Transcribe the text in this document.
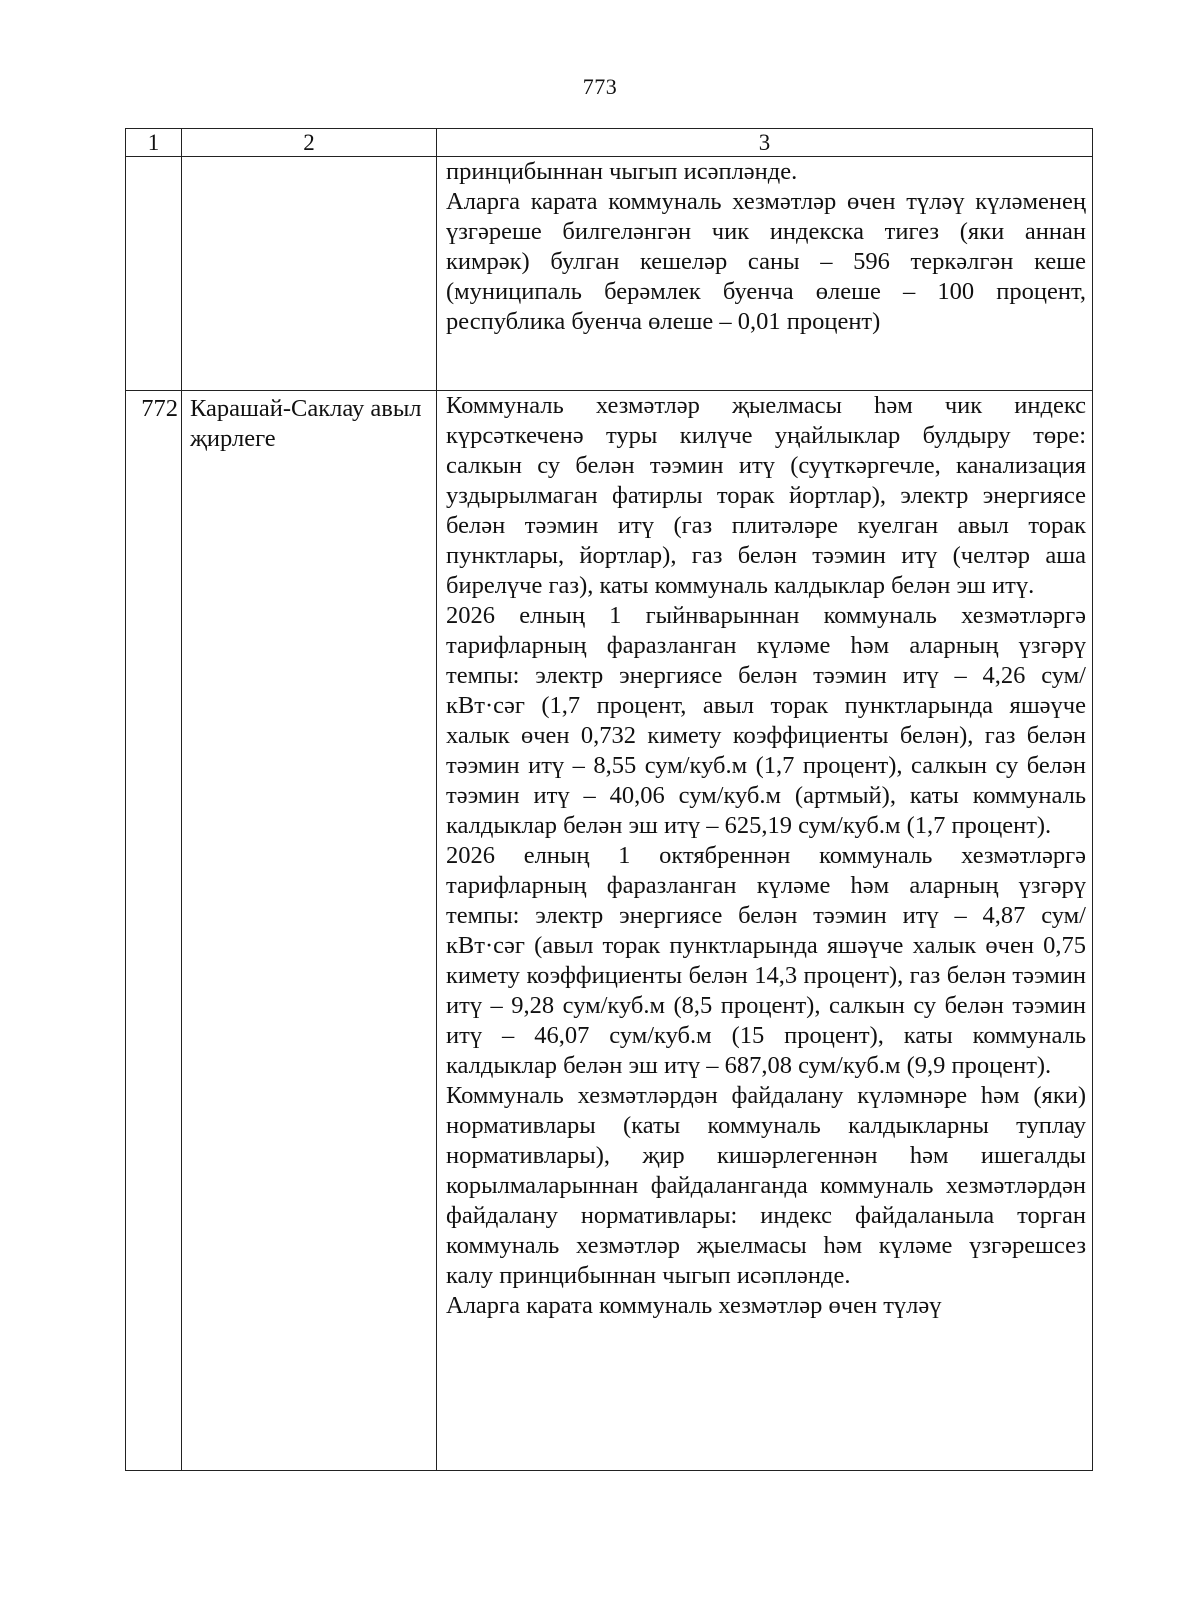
773
1	2	3

		принцибыннан чыгып исәпләнде.

Аларга карата коммуналь хезмәтләр өчен түләү күләменең үзгәреше билгеләнгән чик индекска тигез (яки аннан кимрәк) булган кешеләр саны – 596 теркәлгән кеше (муниципаль берәмлек буенча өлеше – 100 процент, республика буенча өлеше – 0,01 процент)

772	Карашай-Саклау авыл җирлеге	Коммуналь хезмәтләр җыелмасы һәм чик индекс күрсәткеченә туры килүче уңайлыклар булдыру төре: салкын су белән тәэмин итү (суүткәргечле, канализация уздырылмаган фатирлы торак йортлар), электр энергиясе белән тәэмин итү (газ плитәләре куелган авыл торак пунктлары, йортлар), газ белән тәэмин итү (челтәр аша бирелүче газ), каты коммуналь калдыклар белән эш итү.

2026 елның 1 гыйнварыннан коммуналь хезмәтләргә тарифларның фаразланган күләме һәм аларның үзгәрү темпы: электр энергиясе белән тәэмин итү – 4,26 сум/кВт·сәг (1,7 процент, авыл торак пунктларында яшәүче халык өчен 0,732 кимету коэффициенты белән), газ белән тәэмин итү – 8,55 сум/куб.м (1,7 процент), салкын су белән тәэмин итү – 40,06 сум/куб.м (артмый), каты коммуналь калдыклар белән эш итү – 625,19 сум/куб.м (1,7 процент).

2026 елның 1 октябреннән коммуналь хезмәтләргә тарифларның фаразланган күләме һәм аларның үзгәрү темпы: электр энергиясе белән тәэмин итү – 4,87 сум/кВт·сәг (авыл торак пунктларында яшәүче халык өчен 0,75 кимету коэффициенты белән 14,3 процент), газ белән тәэмин итү – 9,28 сум/куб.м (8,5 процент), салкын су белән тәэмин итү – 46,07 сум/куб.м (15 процент), каты коммуналь калдыклар белән эш итү – 687,08 сум/куб.м (9,9 процент).

Коммуналь хезмәтләрдән файдалану күләмнәре һәм (яки) нормативлары (каты коммуналь калдыкларны туплау нормативлары), җир кишәрлегеннән һәм ишегалды корылмаларыннан файдаланганда коммуналь хезмәтләрдән файдалану нормативлары: индекс файдаланыла торган коммуналь хезмәтләр җыелмасы һәм күләме үзгәрешсез калу принцибыннан чыгып исәпләнде.

Аларга карата коммуналь хезмәтләр өчен түләү
